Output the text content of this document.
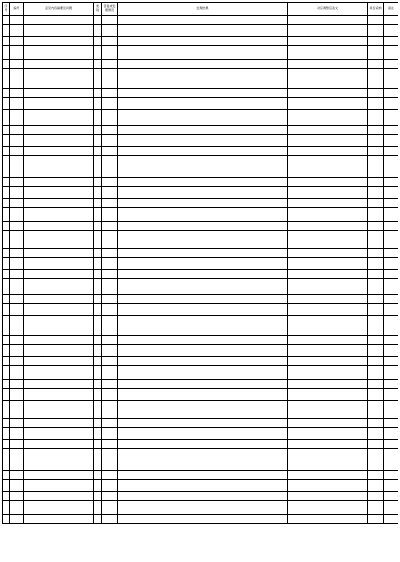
序号	编号	意见内容摘要及问题	类别	答复或处理情况	处理结果	对应调整后条文	是否采纳	备注
